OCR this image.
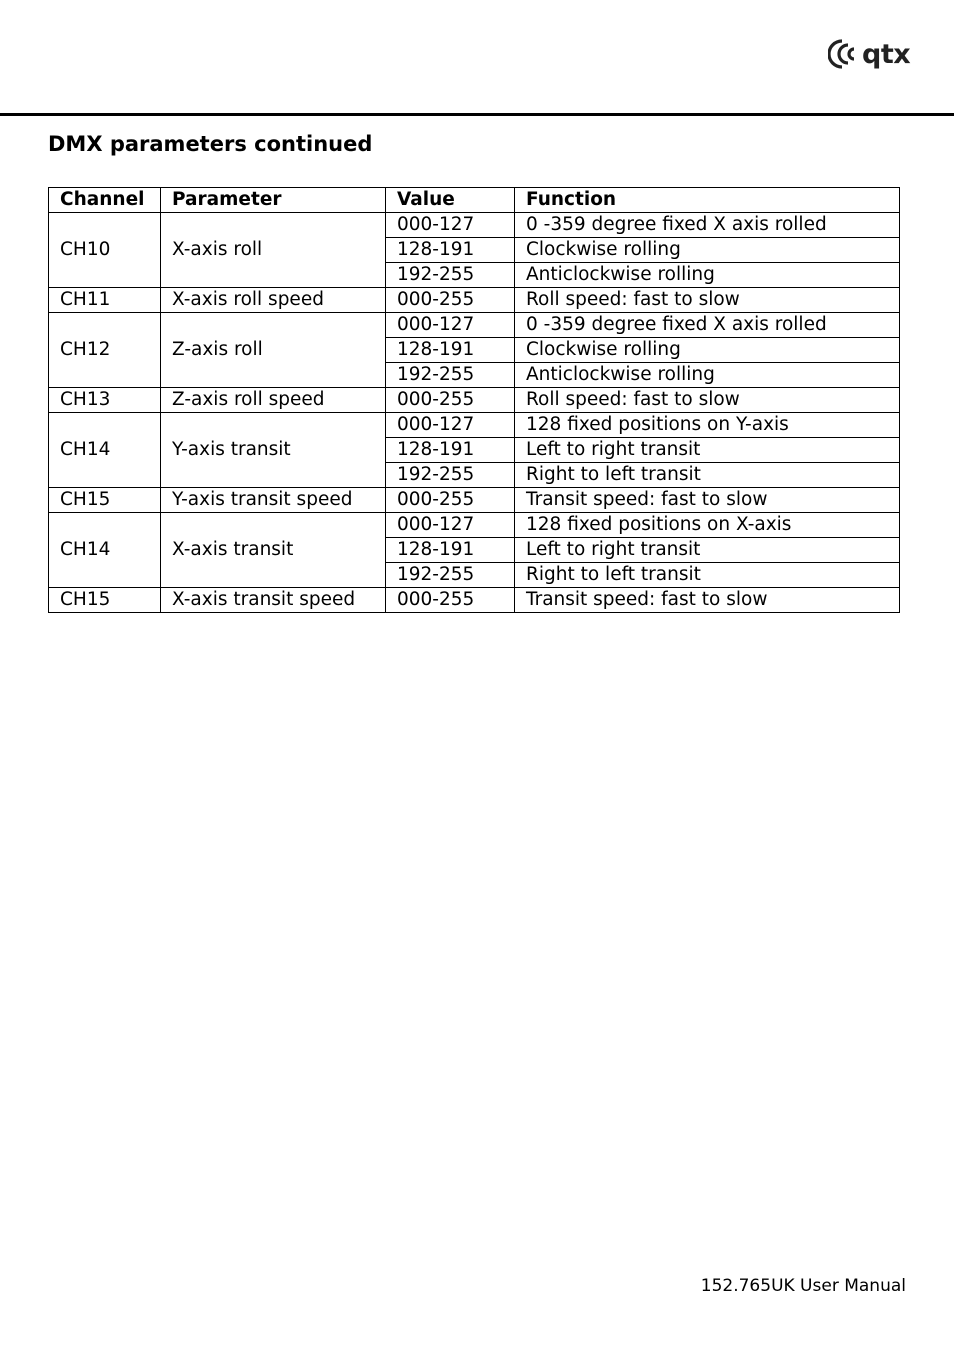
qtx
DMX parameters continued
Channel	Parameter	Value	Function
CH10	X-axis roll	000-127	0 -359 degree fixed X axis rolled
		128-191	Clockwise rolling
		192-255	Anticlockwise rolling
CH11	X-axis roll speed	000-255	Roll speed: fast to slow
CH12	Z-axis roll	000-127	0 -359 degree fixed X axis rolled
		128-191	Clockwise rolling
		192-255	Anticlockwise rolling
CH13	Z-axis roll speed	000-255	Roll speed: fast to slow
CH14	Y-axis transit	000-127	128 fixed positions on Y-axis
		128-191	Left to right transit
		192-255	Right to left transit
CH15	Y-axis transit speed	000-255	Transit speed: fast to slow
CH14	X-axis transit	000-127	128 fixed positions on X-axis
		128-191	Left to right transit
		192-255	Right to left transit
CH15	X-axis transit speed	000-255	Transit speed: fast to slow
152.765UK User Manual
